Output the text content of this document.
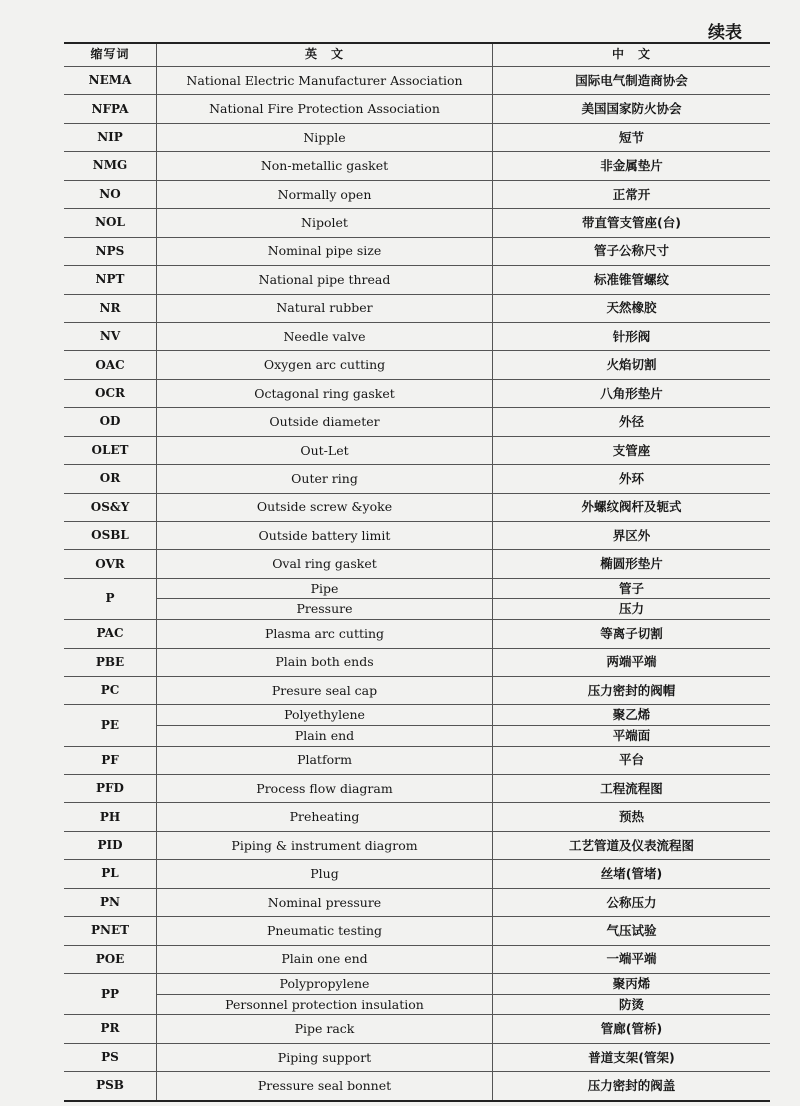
续表
缩写词	英　文	中　文
NEMA	National Electric Manufacturer Association	国际电气制造商协会
NFPA	National Fire Protection Association	美国国家防火协会
NIP	Nipple	短节
NMG	Non-metallic gasket	非金属垫片
NO	Normally open	正常开
NOL	Nipolet	带直管支管座(台)
NPS	Nominal pipe size	管子公称尺寸
NPT	National pipe thread	标准锥管螺纹
NR	Natural rubber	天然橡胶
NV	Needle valve	针形阀
OAC	Oxygen arc cutting	火焰切割
OCR	Octagonal ring gasket	八角形垫片
OD	Outside diameter	外径
OLET	Out-Let	支管座
OR	Outer ring	外环
OS&Y	Outside screw &yoke	外螺纹阀杆及轭式
OSBL	Outside battery limit	界区外
OVR	Oval ring gasket	椭圆形垫片
P	Pipe	管子
	Pressure	压力
PAC	Plasma arc cutting	等离子切割
PBE	Plain both ends	两端平端
PC	Presure seal cap	压力密封的阀帽
PE	Polyethylene	聚乙烯
	Plain end	平端面
PF	Platform	平台
PFD	Process flow diagram	工程流程图
PH	Preheating	预热
PID	Piping & instrument diagrom	工艺管道及仪表流程图
PL	Plug	丝堵(管堵)
PN	Nominal pressure	公称压力
PNET	Pneumatic testing	气压试验
POE	Plain one end	一端平端
PP	Polypropylene	聚丙烯
	Personnel protection insulation	防烫
PR	Pipe rack	管廊(管桥)
PS	Piping support	普道支架(管架)
PSB	Pressure seal bonnet	压力密封的阀盖
